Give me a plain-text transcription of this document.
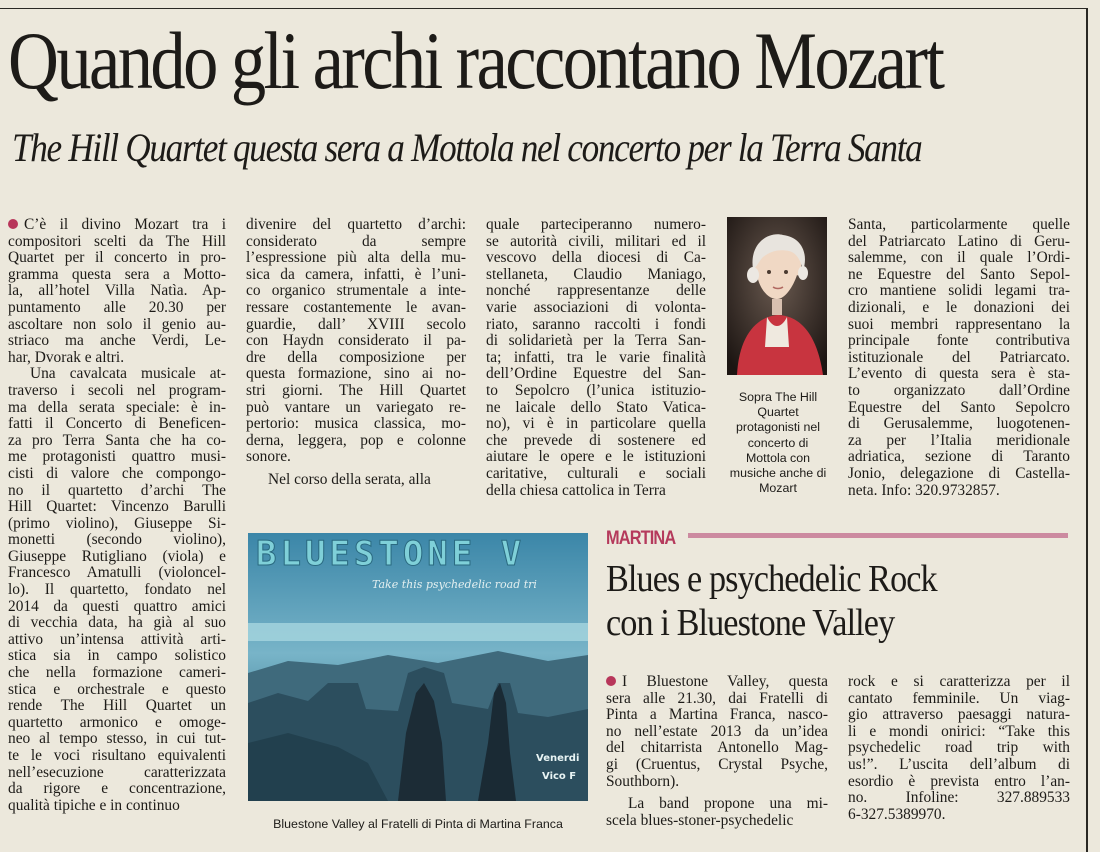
Quando gli archi raccontano Mozart
The Hill Quartet questa sera a Mottola nel concerto per la Terra Santa
C’è il divino Mozart tra i
compositori scelti da The Hill
Quartet per il concerto in pro-
gramma questa sera a Motto-
la, all’hotel Villa Natìa. Ap-
puntamento alle 20.30 per
ascoltare non solo il genio au-
striaco ma anche Verdi, Le-
har, Dvorak e altri.
Una cavalcata musicale at-
traverso i secoli nel program-
ma della serata speciale: è in-
fatti il Concerto di Beneficen-
za pro Terra Santa che ha co-
me protagonisti quattro musi-
cisti di valore che compongo-
no il quartetto d’archi The
Hill Quartet: Vincenzo Barulli
(primo violino), Giuseppe Si-
monetti (secondo violino),
Giuseppe Rutigliano (viola) e
Francesco Amatulli (violoncel-
lo). Il quartetto, fondato nel
2014 da questi quattro amici
di vecchia data, ha già al suo
attivo un’intensa attività arti-
stica sia in campo solistico
che nella formazione cameri-
stica e orchestrale e questo
rende The Hill Quartet un
quartetto armonico e omoge-
neo al tempo stesso, in cui tut-
te le voci risultano equivalenti
nell’esecuzione caratterizzata
da rigore e concentrazione,
qualità tipiche e in continuo
divenire del quartetto d’archi:
considerato da sempre
l’espressione più alta della mu-
sica da camera, infatti, è l’uni-
co organico strumentale a inte-
ressare costantemente le avan-
guardie, dall’ XVIII secolo
con Haydn considerato il pa-
dre della composizione per
questa formazione, sino ai no-
stri giorni. The Hill Quartet
può vantare un variegato re-
pertorio: musica classica, mo-
derna, leggera, pop e colonne
sonore.
Nel corso della serata, alla
quale parteciperanno numero-
se autorità civili, militari ed il
vescovo della diocesi di Ca-
stellaneta, Claudio Maniago,
nonché rappresentanze delle
varie associazioni di volonta-
riato, saranno raccolti i fondi
di solidarietà per la Terra San-
ta; infatti, tra le varie finalità
dell’Ordine Equestre del San-
to Sepolcro (l’unica istituzio-
ne laicale dello Stato Vatica-
no), vi è in particolare quella
che prevede di sostenere ed
aiutare le opere e le istituzioni
caritative, culturali e sociali
della chiesa cattolica in Terra
Sopra The Hill
Quartet
protagonisti nel
concerto di
Mottola con
musiche anche di
Mozart
Santa, particolarmente quelle
del Patriarcato Latino di Geru-
salemme, con il quale l’Ordi-
ne Equestre del Santo Sepol-
cro mantiene solidi legami tra-
dizionali, e le donazioni dei
suoi membri rappresentano la
principale fonte contributiva
istituzionale del Patriarcato.
L’evento di questa sera è sta-
to organizzato dall’Ordine
Equestre del Santo Sepolcro
di Gerusalemme, luogotenen-
za per l’Italia meridionale
adriatica, sezione di Taranto
Jonio, delegazione di Castella-
neta. Info: 320.9732857.
BLUESTONE V
Take this psychedelic road tri
Venerdi
Vico F
Bluestone Valley al Fratelli di Pinta di Martina Franca
MARTINA
Blues e psychedelic Rock
con i Bluestone Valley
I Bluestone Valley, questa
sera alle 21.30, dai Fratelli di
Pinta a Martina Franca, nasco-
no nell’estate 2013 da un’idea
del chitarrista Antonello Mag-
gi (Cruentus, Crystal Psyche,
Southborn).
La band propone una mi-
scela blues-stoner-psychedelic
rock e si caratterizza per il
cantato femminile. Un viag-
gio attraverso paesaggi natura-
li e mondi onirici: “Take this
psychedelic road trip with
us!”. L’uscita dell’album di
esordio è prevista entro l’an-
no. Infoline: 327.889533
6-327.5389970.
